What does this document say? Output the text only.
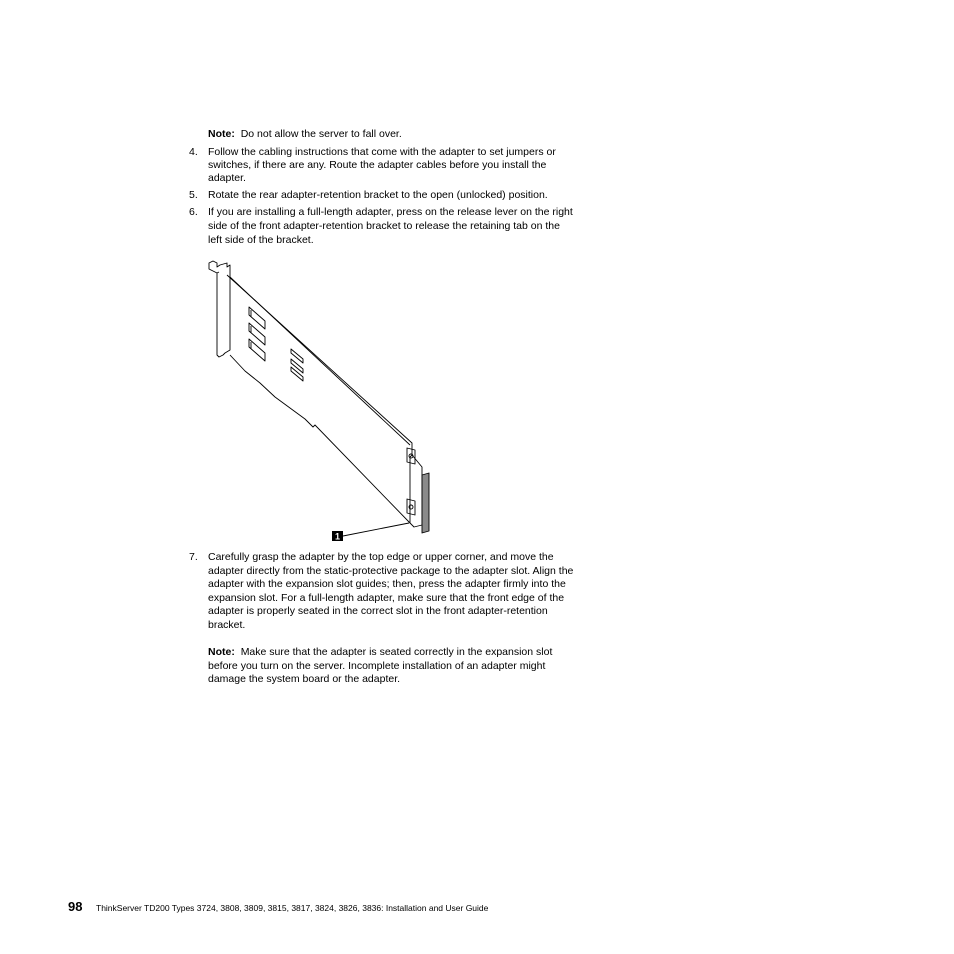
Note: Do not allow the server to fall over.
4. Follow the cabling instructions that come with the adapter to set jumpers or
switches, if there are any. Route the adapter cables before you install the
adapter.
5. Rotate the rear adapter-retention bracket to the open (unlocked) position.
6. If you are installing a full-length adapter, press on the release lever on the right
side of the front adapter-retention bracket to release the retaining tab on the
left side of the bracket.
1
7. Carefully grasp the adapter by the top edge or upper corner, and move the
adapter directly from the static-protective package to the adapter slot. Align the
adapter with the expansion slot guides; then, press the adapter firmly into the
expansion slot. For a full-length adapter, make sure that the front edge of the
adapter is properly seated in the correct slot in the front adapter-retention
bracket.
Note: Make sure that the adapter is seated correctly in the expansion slot
before you turn on the server. Incomplete installation of an adapter might
damage the system board or the adapter.
98 ThinkServer TD200 Types 3724, 3808, 3809, 3815, 3817, 3824, 3826, 3836: Installation and User Guide
